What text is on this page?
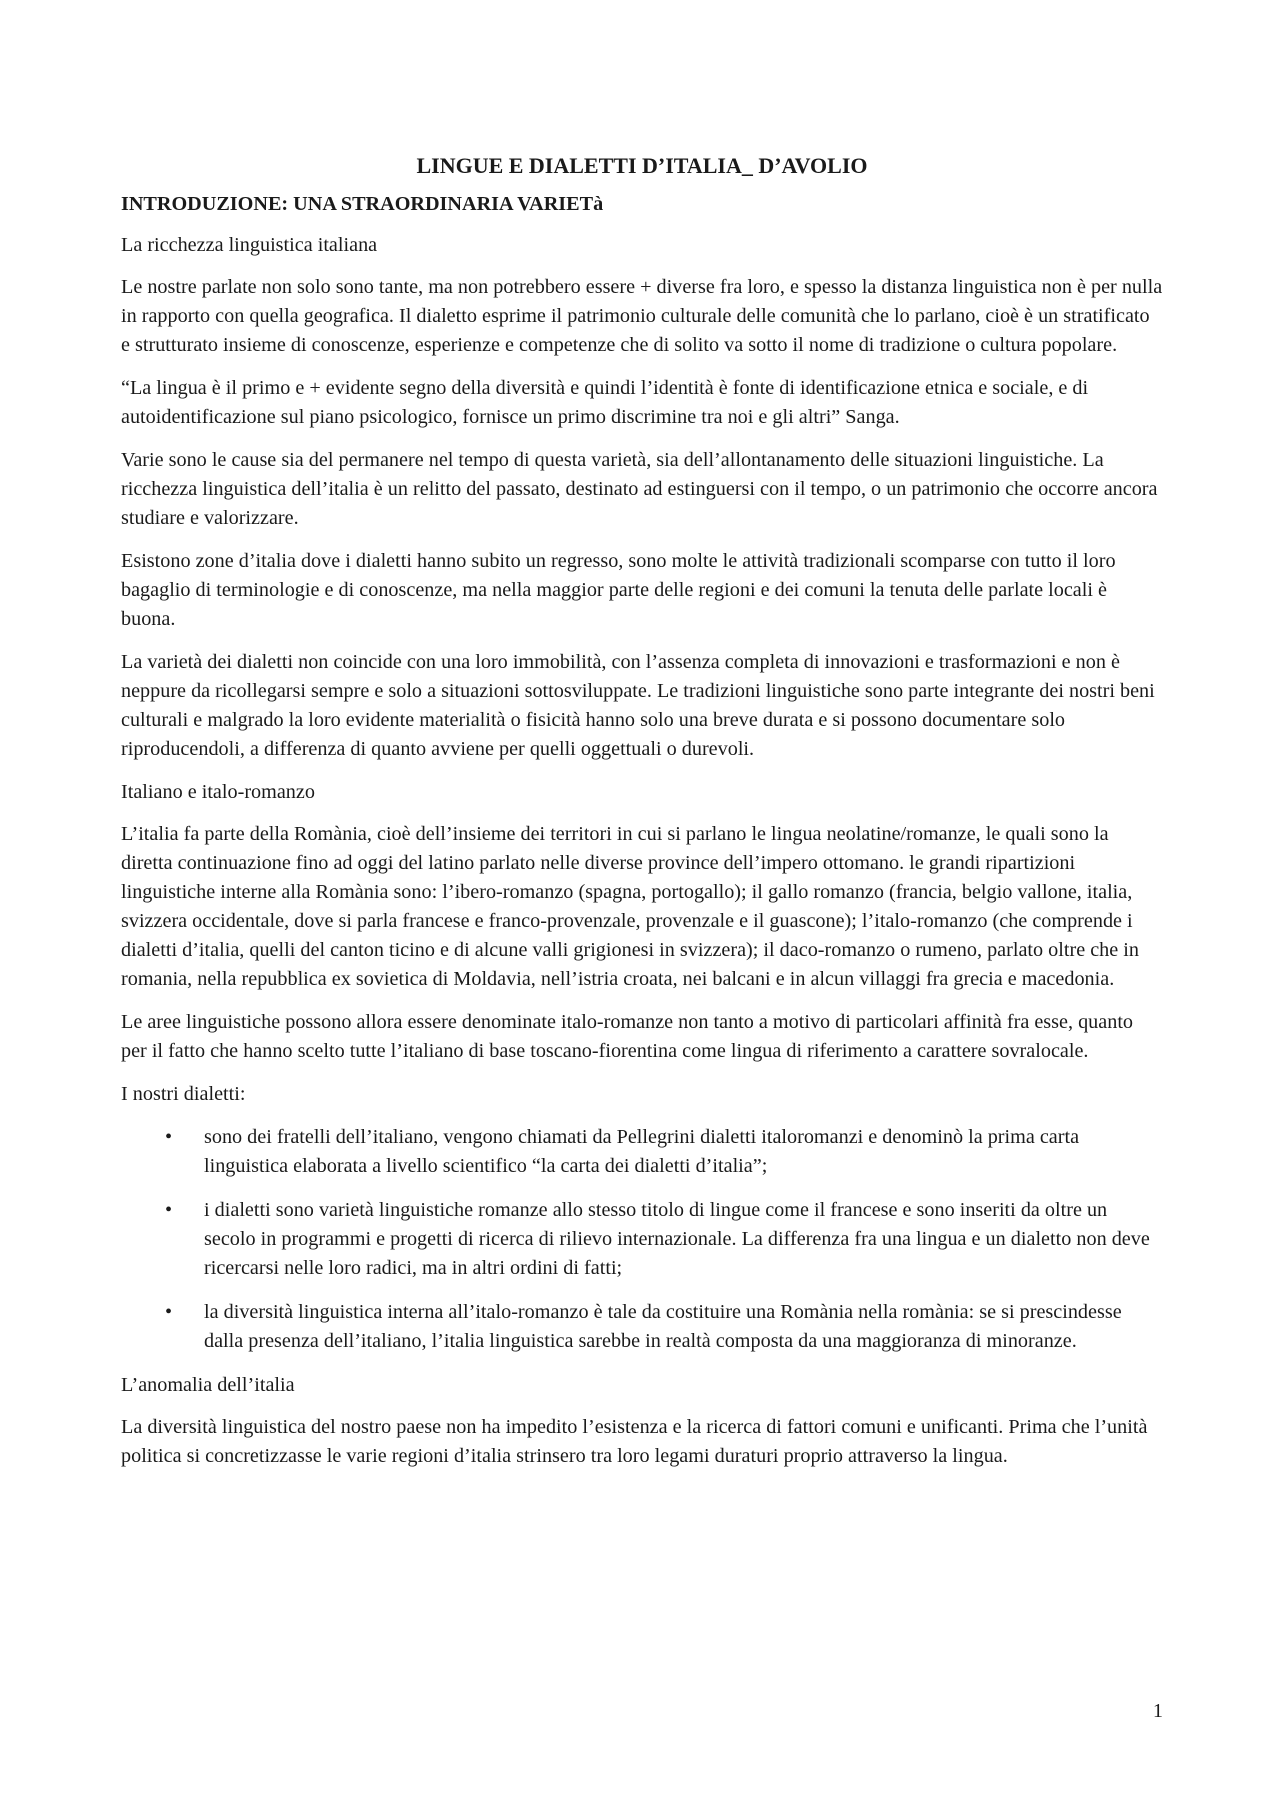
LINGUE E DIALETTI D’ITALIA_ D’AVOLIO
INTRODUZIONE: UNA STRAORDINARIA VARIETà
La ricchezza linguistica italiana

Le nostre parlate non solo sono tante, ma non potrebbero essere + diverse fra loro, e spesso la distanza linguistica non è per nulla in rapporto con quella geografica. Il dialetto esprime il patrimonio culturale delle comunità che lo parlano, cioè è un stratificato e strutturato insieme di conoscenze, esperienze e competenze che di solito va sotto il nome di tradizione o cultura popolare.

“La lingua è il primo e + evidente segno della diversità e quindi l’identità è fonte di identificazione etnica e sociale, e di autoidentificazione sul piano psicologico, fornisce un primo discrimine tra noi e gli altri” Sanga.

Varie sono le cause sia del permanere nel tempo di questa varietà, sia dell’allontanamento delle situazioni linguistiche. La ricchezza linguistica dell’italia è un relitto del passato, destinato ad estinguersi con il tempo, o un patrimonio che occorre ancora studiare e valorizzare.

Esistono zone d’italia dove i dialetti hanno subito un regresso, sono molte le attività tradizionali scomparse con tutto il loro bagaglio di terminologie e di conoscenze, ma nella maggior parte delle regioni e dei comuni la tenuta delle parlate locali è buona.

La varietà dei dialetti non coincide con una loro immobilità, con l’assenza completa di innovazioni e trasformazioni e non è neppure da ricollegarsi sempre e solo a situazioni sottosviluppate. Le tradizioni linguistiche sono parte integrante dei nostri beni culturali e malgrado la loro evidente materialità o fisicità hanno solo una breve durata e si possono documentare solo riproducendoli, a differenza di quanto avviene per quelli oggettuali o durevoli.

Italiano e italo-romanzo

L’italia fa parte della Romània, cioè dell’insieme dei territori in cui si parlano le lingua neolatine/romanze, le quali sono la diretta continuazione fino ad oggi del latino parlato nelle diverse province dell’impero ottomano. le grandi ripartizioni linguistiche interne alla Romània sono: l’ibero-romanzo (spagna, portogallo); il gallo romanzo (francia, belgio vallone, italia, svizzera occidentale, dove si parla francese e franco-provenzale, provenzale e il guascone); l’italo-romanzo (che comprende i dialetti d’italia, quelli del canton ticino e di alcune valli grigionesi in svizzera); il daco-romanzo o rumeno, parlato oltre che in romania, nella repubblica ex sovietica di Moldavia, nell’istria croata, nei balcani e in alcun villaggi fra grecia e macedonia.

Le aree linguistiche possono allora essere denominate italo-romanze non tanto a motivo di particolari affinità fra esse, quanto per il fatto che hanno scelto tutte l’italiano di base toscano-fiorentina come lingua di riferimento a carattere sovralocale.

I nostri dialetti:

• sono dei fratelli dell’italiano, vengono chiamati da Pellegrini dialetti italoromanzi e denominò la prima carta linguistica elaborata a livello scientifico “la carta dei dialetti d’italia”;
• i dialetti sono varietà linguistiche romanze allo stesso titolo di lingue come il francese e sono inseriti da oltre un secolo in programmi e progetti di ricerca di rilievo internazionale. La differenza fra una lingua e un dialetto non deve ricercarsi nelle loro radici, ma in altri ordini di fatti;
• la diversità linguistica interna all’italo-romanzo è tale da costituire una Romània nella romània: se si prescindesse dalla presenza dell’italiano, l’italia linguistica sarebbe in realtà composta da una maggioranza di minoranze.
L’anomalia dell’italia

La diversità linguistica del nostro paese non ha impedito l’esistenza e la ricerca di fattori comuni e unificanti. Prima che l’unità politica si concretizzasse le varie regioni d’italia strinsero tra loro legami duraturi proprio attraverso la lingua.

1
